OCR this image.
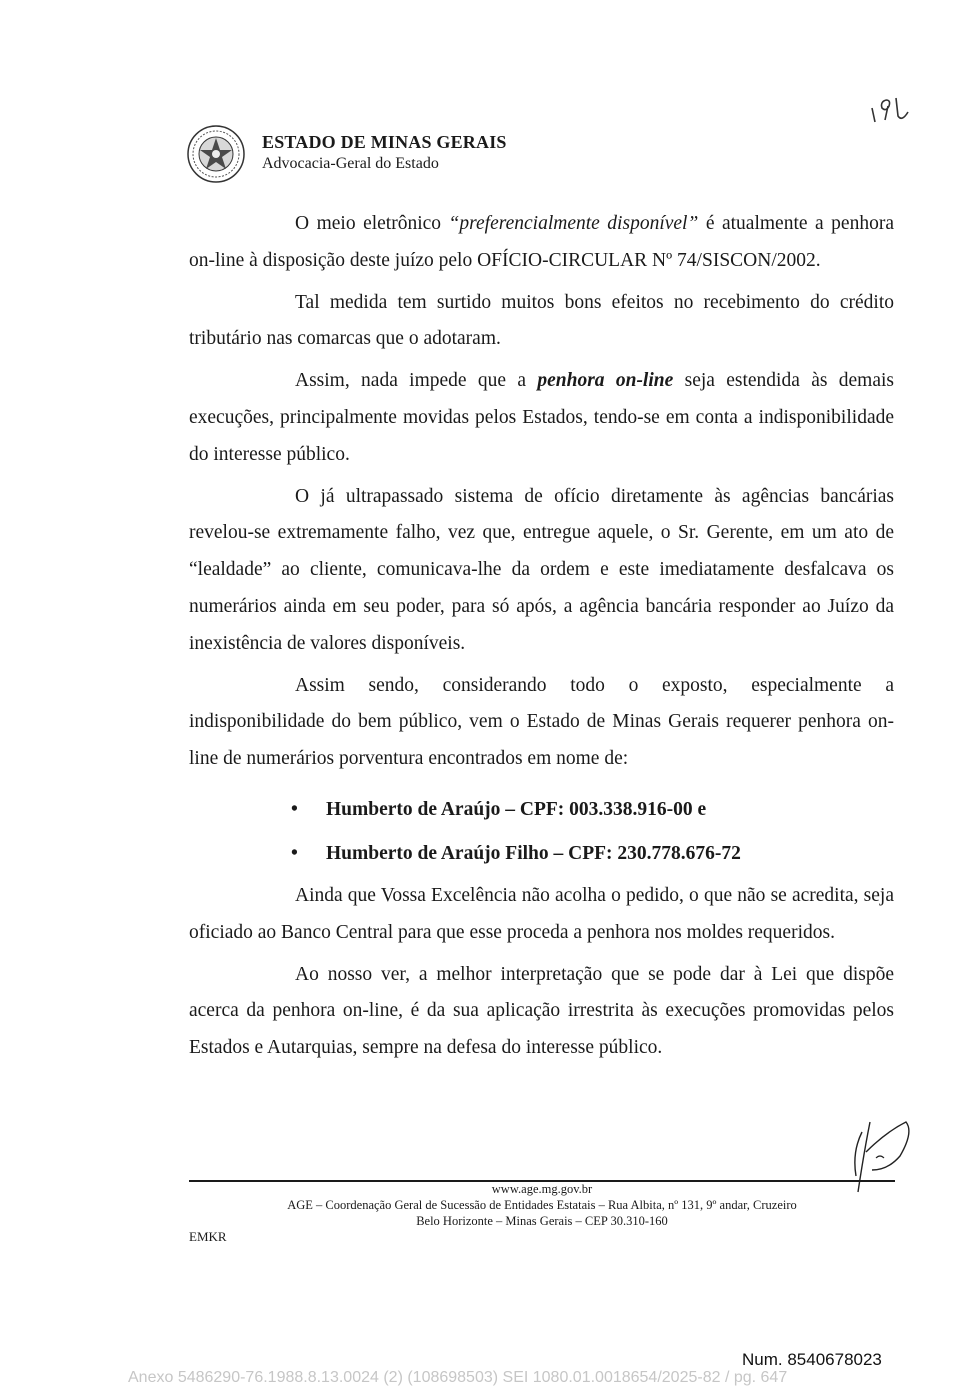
ESTADO DE MINAS GERAIS
Advocacia-Geral do Estado

O meio eletrônico “preferencialmente disponível” é atualmente a penhora on-line à disposição deste juízo pelo OFÍCIO-CIRCULAR Nº 74/SISCON/2002.

Tal medida tem surtido muitos bons efeitos no recebimento do crédito tributário nas comarcas que o adotaram.

Assim, nada impede que a penhora on-line seja estendida às demais execuções, principalmente movidas pelos Estados, tendo-se em conta a indisponibilidade do interesse público.

O já ultrapassado sistema de ofício diretamente às agências bancárias revelou-se extremamente falho, vez que, entregue aquele, o Sr. Gerente, em um ato de “lealdade” ao cliente, comunicava-lhe da ordem e este imediatamente desfalcava os numerários ainda em seu poder, para só após, a agência bancária responder ao Juízo da inexistência de valores disponíveis.

Assim sendo, considerando todo o exposto, especialmente a indisponibilidade do bem público, vem o Estado de Minas Gerais requerer penhora on-line de numerários porventura encontrados em nome de:

• Humberto de Araújo – CPF: 003.338.916-00 e
• Humberto de Araújo Filho – CPF: 230.778.676-72

Ainda que Vossa Excelência não acolha o pedido, o que não se acredita, seja oficiado ao Banco Central para que esse proceda a penhora nos moldes requeridos.

Ao nosso ver, a melhor interpretação que se pode dar à Lei que dispõe acerca da penhora on-line, é da sua aplicação irrestrita às execuções promovidas pelos Estados e Autarquias, sempre na defesa do interesse público.

www.age.mg.gov.br
AGE – Coordenação Geral de Sucessão de Entidades Estatais – Rua Albita, nº 131, 9º andar, Cruzeiro
Belo Horizonte – Minas Gerais – CEP 30.310-160
EMKR
Num. 8540678023
Anexo 5486290-76.1988.8.13.0024 (2) (108698503) SEI 1080.01.0018654/2025-82 / pg. 647
